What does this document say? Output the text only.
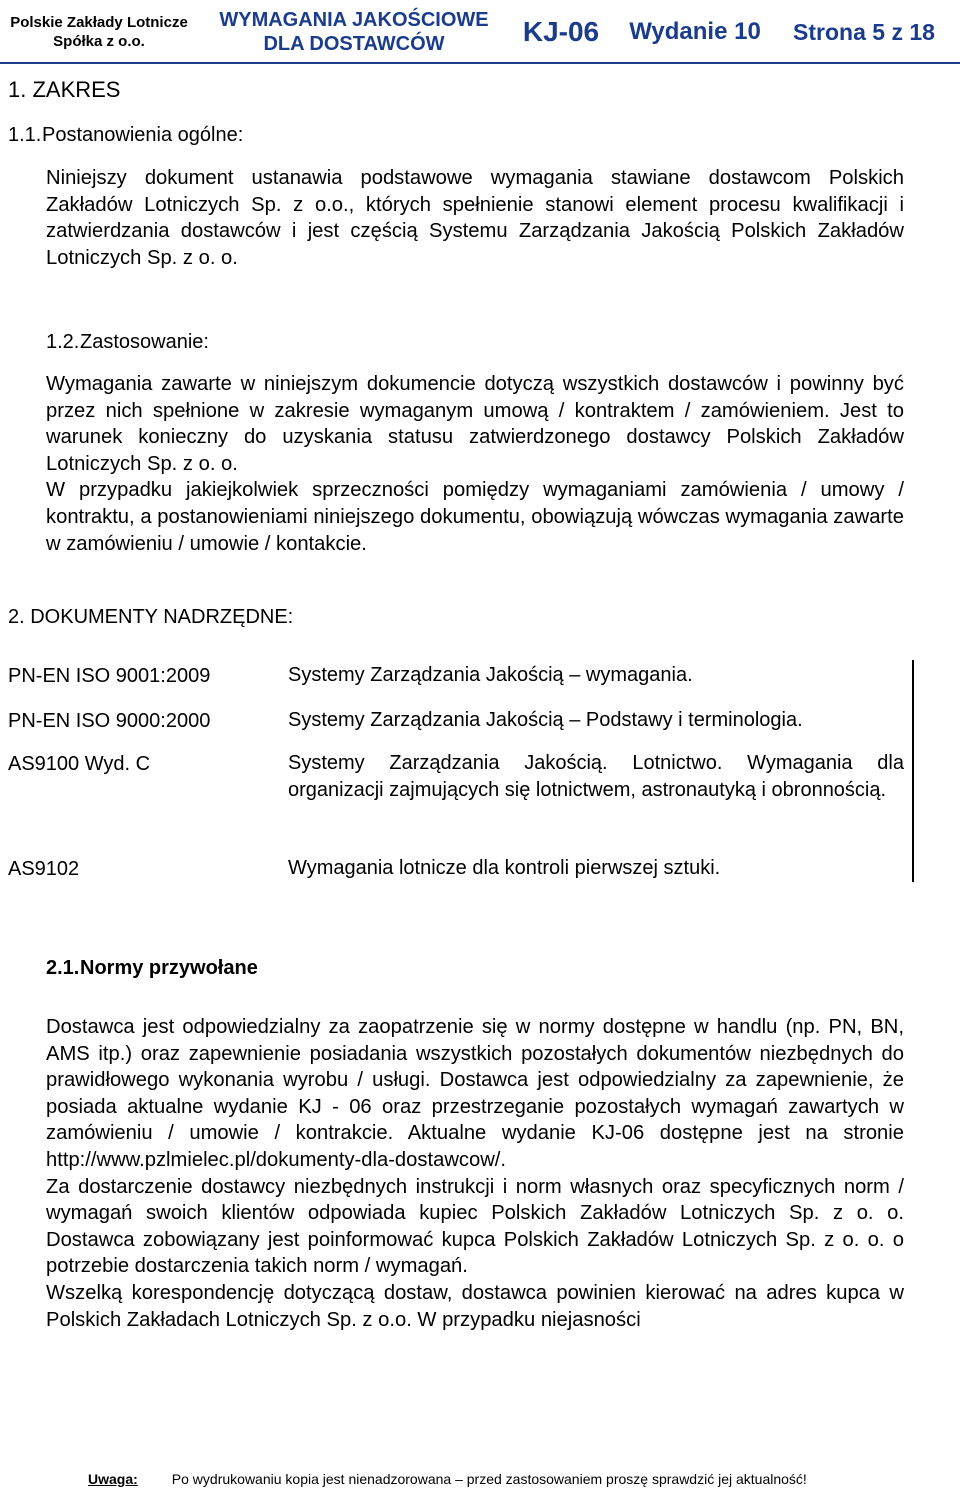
Polskie Zakłady Lotnicze
Spółka z o.o.
WYMAGANIA JAKOŚCIOWE
DLA DOSTAWCÓW	KJ-06	Wydanie 10	Strona 5 z 18
1. ZAKRES
1.1.Postanowienia ogólne:

Niniejszy dokument ustanawia podstawowe wymagania stawiane dostawcom Polskich Zakładów Lotniczych Sp. z o.o., których spełnienie stanowi element procesu kwalifikacji i zatwierdzania dostawców i jest częścią Systemu Zarządzania Jakością Polskich Zakładów Lotniczych Sp. z o. o.

1.2.Zastosowanie:

Wymagania zawarte w niniejszym dokumencie dotyczą wszystkich dostawców i powinny być przez nich spełnione w zakresie wymaganym umową / kontraktem / zamówieniem. Jest to warunek konieczny do uzyskania statusu zatwierdzonego dostawcy Polskich Zakładów Lotniczych Sp. z o. o.

W przypadku jakiejkolwiek sprzeczności pomiędzy wymaganiami zamówienia / umowy / kontraktu, a postanowieniami niniejszego dokumentu, obowiązują wówczas wymagania zawarte w zamówieniu / umowie / kontakcie.

2. DOKUMENTY NADRZĘDNE:
PN-EN ISO 9001:2009	Systemy Zarządzania Jakością – wymagania.
PN-EN ISO 9000:2000	Systemy Zarządzania Jakością – Podstawy i terminologia.
AS9100 Wyd. C	Systemy Zarządzania Jakością. Lotnictwo. Wymagania dla organizacji zajmujących się lotnictwem, astronautyką i obronnością.
AS9102	Wymagania lotnicze dla kontroli pierwszej sztuki.
2.1.Normy przywołane

Dostawca jest odpowiedzialny za zaopatrzenie się w normy dostępne w handlu (np. PN, BN, AMS itp.) oraz zapewnienie posiadania wszystkich pozostałych dokumentów niezbędnych do prawidłowego wykonania wyrobu / usługi. Dostawca jest odpowiedzialny za zapewnienie, że posiada aktualne wydanie KJ - 06 oraz przestrzeganie pozostałych wymagań zawartych w zamówieniu / umowie / kontrakcie. Aktualne wydanie KJ-06 dostępne jest na stronie http://www.pzlmielec.pl/dokumenty-dla-dostawcow/.

Za dostarczenie dostawcy niezbędnych instrukcji i norm własnych oraz specyficznych norm / wymagań swoich klientów odpowiada kupiec Polskich Zakładów Lotniczych Sp. z o. o. Dostawca zobowiązany jest poinformować kupca Polskich Zakładów Lotniczych Sp. z o. o. o potrzebie dostarczenia takich norm / wymagań.

Wszelką korespondencję dotyczącą dostaw, dostawca powinien kierować na adres kupca w Polskich Zakładach Lotniczych Sp. z o.o. W przypadku niejasności

Uwaga: Po wydrukowaniu kopia jest nienadzorowana – przed zastosowaniem proszę sprawdzić jej aktualność!
